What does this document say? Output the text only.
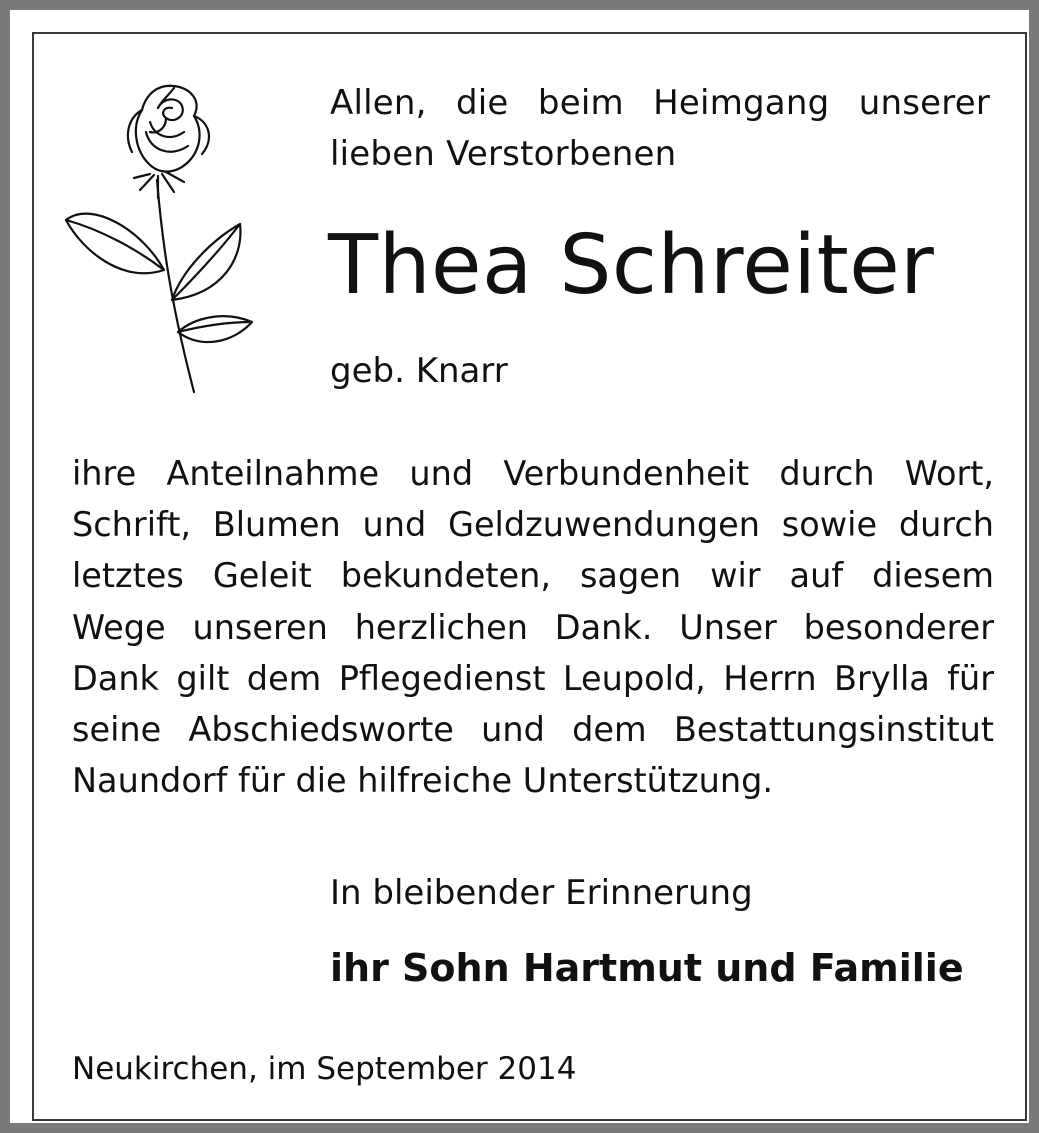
Allen, die beim Heimgang unserer
lieben Verstorbenen
Thea Schreiter
geb. Knarr
ihre Anteilnahme und Verbundenheit durch Wort,
Schrift, Blumen und Geldzuwendungen sowie durch
letztes Geleit bekundeten, sagen wir auf diesem
Wege unseren herzlichen Dank. Unser besonderer
Dank gilt dem Pflegedienst Leupold, Herrn Brylla für
seine Abschiedsworte und dem Bestattungsinstitut
Naundorf für die hilfreiche Unterstützung.
In bleibender Erinnerung
ihr Sohn Hartmut und Familie
Neukirchen, im September 2014
